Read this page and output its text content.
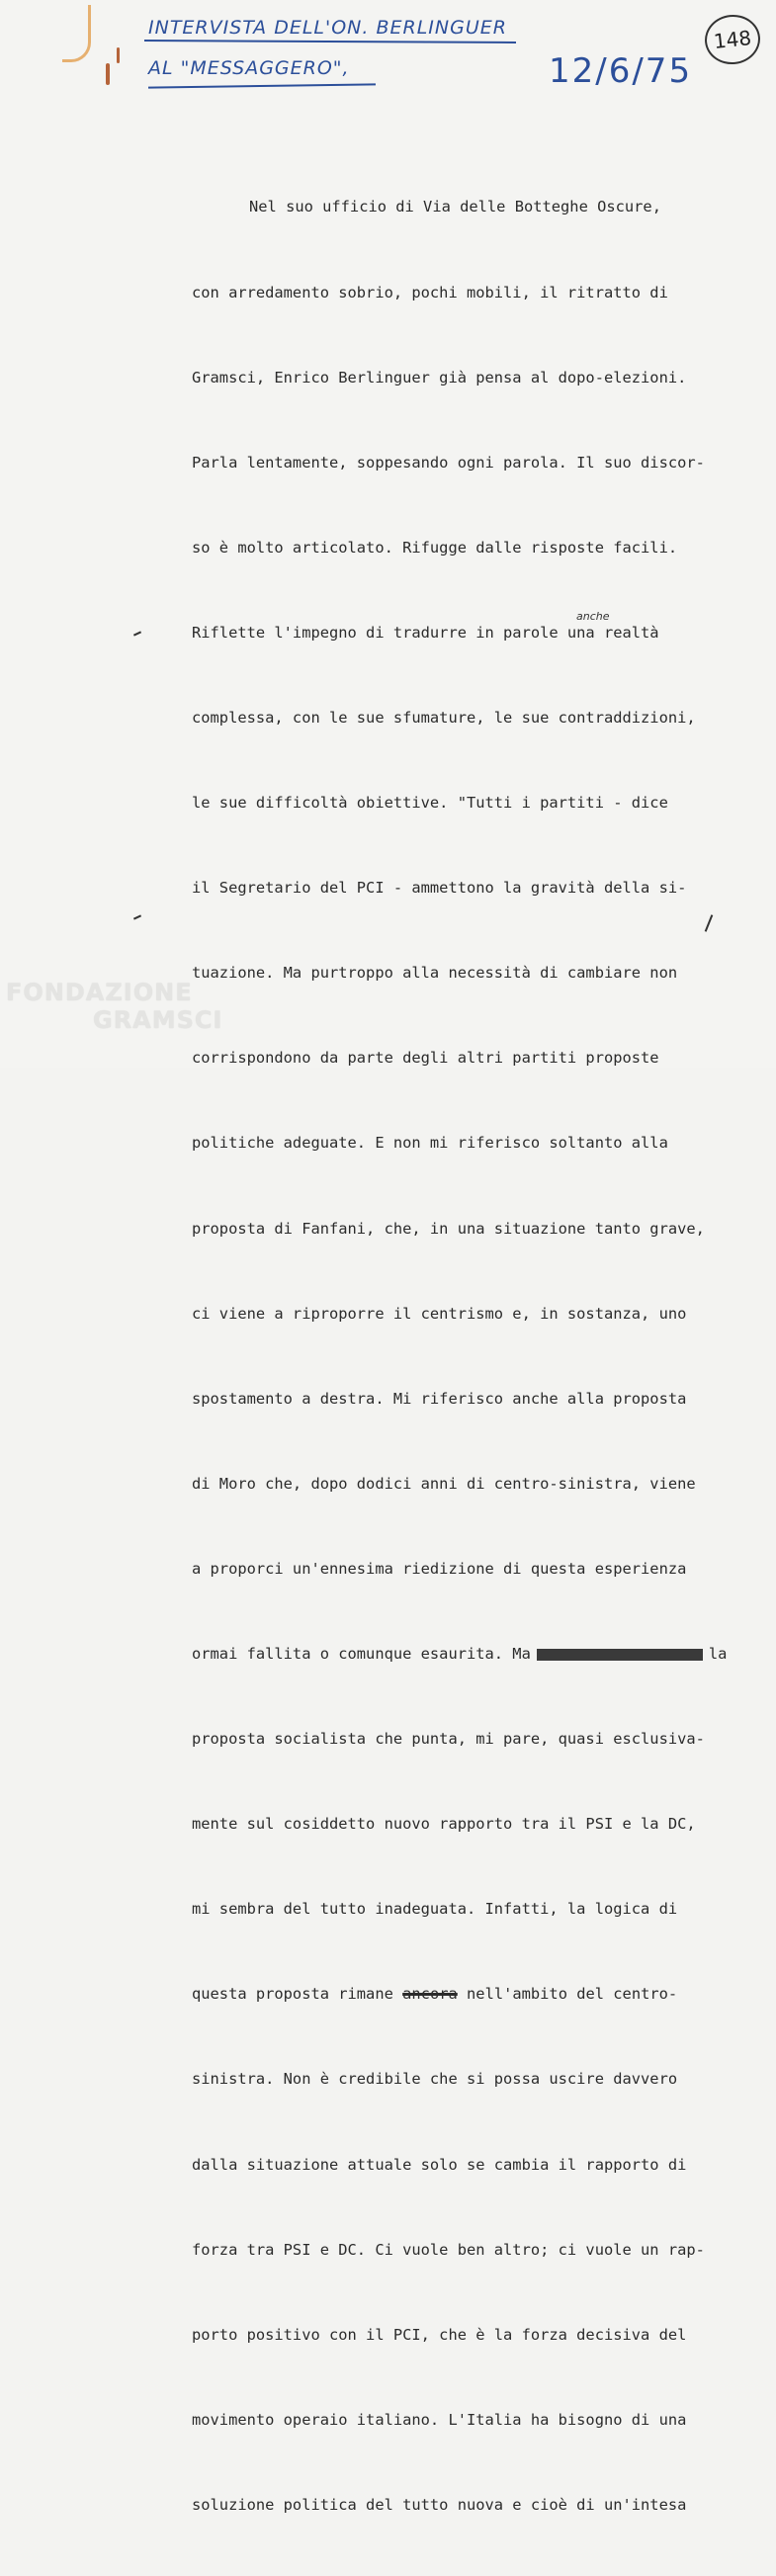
INTERVISTA DELL'ON. BERLINGUER
AL "MESSAGGERO",	12/6/75
148
anche

Nel suo ufficio di Via delle Botteghe Oscure,

con arredamento sobrio, pochi mobili, il ritratto di

Gramsci, Enrico Berlinguer già pensa al dopo-elezioni.

Parla lentamente, soppesando ogni parola. Il suo discor-

so è molto articolato. Rifugge dalle risposte facili.

Riflette l'impegno di tradurre in parole una realtà

complessa, con le sue sfumature, le sue contraddizioni,

le sue difficoltà obiettive. "Tutti i partiti - dice

il Segretario del PCI - ammettono la gravità della si-

tuazione. Ma purtroppo alla necessità di cambiare non

corrispondono da parte degli altri partiti proposte

politiche adeguate. E non mi riferisco soltanto alla

proposta di Fanfani, che, in una situazione tanto grave,

ci viene a riproporre il centrismo e, in sostanza, uno

spostamento a destra. Mi riferisco anche alla proposta

di Moro che, dopo dodici anni di centro-sinistra, viene

a proporci un'ennesima riedizione di questa esperienza

ormai fallita o comunque esaurita. Ma	la

proposta socialista che punta, mi pare, quasi esclusiva-

mente sul cosiddetto nuovo rapporto tra il PSI e la DC,

mi sembra del tutto inadeguata. Infatti, la logica di

questa proposta rimane ancora nell'ambito del centro-

sinistra. Non è credibile che si possa uscire davvero

dalla situazione attuale solo se cambia il rapporto di

forza tra PSI e DC. Ci vuole ben altro; ci vuole un rap-

porto positivo con il PCI, che è la forza decisiva del

movimento operaio italiano. L'Italia ha bisogno di una

soluzione politica del tutto nuova e cioè di un'intesa

FONDAZIONE
GRAMSCI
